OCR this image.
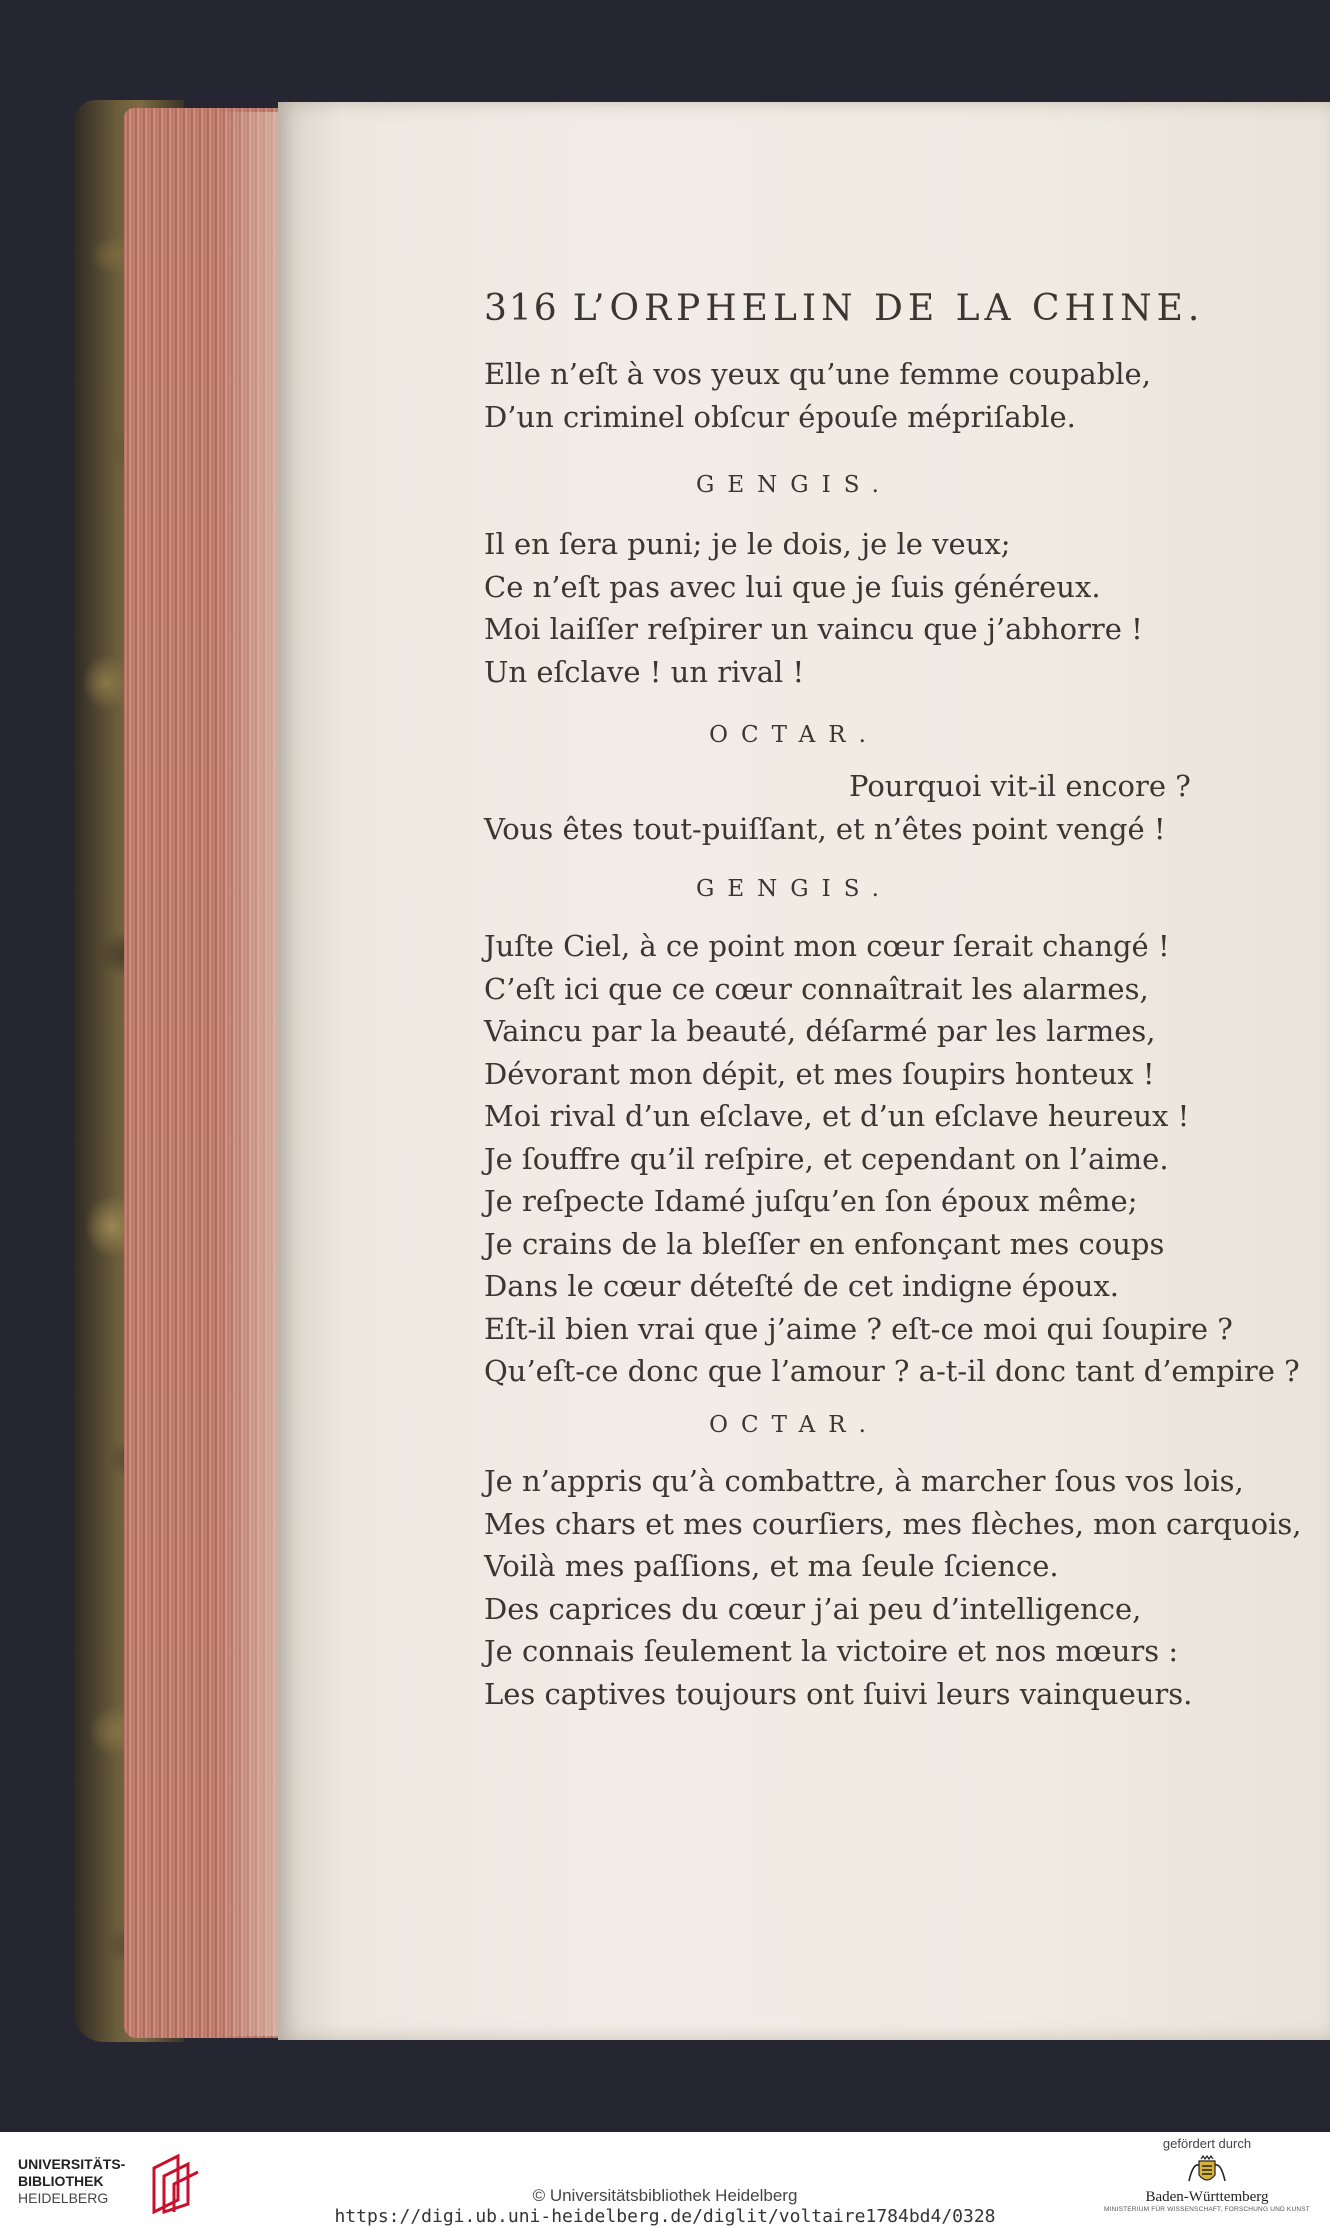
316 L’ORPHELIN DE LA CHINE.
Elle n’eſt à vos yeux qu’une femme coupable,
D’un criminel obſcur épouſe mépriſable.
GENGIS.
Il en ſera puni; je le dois, je le veux;
Ce n’eſt pas avec lui que je ſuis généreux.
Moi laiſſer reſpirer un vaincu que j’abhorre !
Un eſclave ! un rival !
OCTAR.
Pourquoi vit-il encore ?
Vous êtes tout-puiſſant, et n’êtes point vengé !
GENGIS.
Juſte Ciel, à ce point mon cœur ſerait changé !
C’eſt ici que ce cœur connaîtrait les alarmes,
Vaincu par la beauté, déſarmé par les larmes,
Dévorant mon dépit, et mes ſoupirs honteux !
Moi rival d’un eſclave, et d’un eſclave heureux !
Je ſouffre qu’il reſpire, et cependant on l’aime.
Je reſpecte Idamé juſqu’en ſon époux même;
Je crains de la bleſſer en enfonçant mes coups
Dans le cœur déteſté de cet indigne époux.
Eſt-il bien vrai que j’aime ? eſt-ce moi qui ſoupire ?
Qu’eſt-ce donc que l’amour ? a-t-il donc tant d’empire ?
OCTAR.
Je n’appris qu’à combattre, à marcher ſous vos lois,
Mes chars et mes courſiers, mes flèches, mon carquois,
Voilà mes paſſions, et ma ſeule ſcience.
Des caprices du cœur j’ai peu d’intelligence,
Je connais ſeulement la victoire et nos mœurs :
Les captives toujours ont ſuivi leurs vainqueurs.
UNIVERSITÄTS-
BIBLIOTHEK
HEIDELBERG	© Universitätsbibliothek Heidelberg
https://digi.ub.uni-heidelberg.de/diglit/voltaire1784bd4/0328
gefördert durch
Baden-Württemberg
MINISTERIUM FÜR WISSENSCHAFT, FORSCHUNG UND KUNST
